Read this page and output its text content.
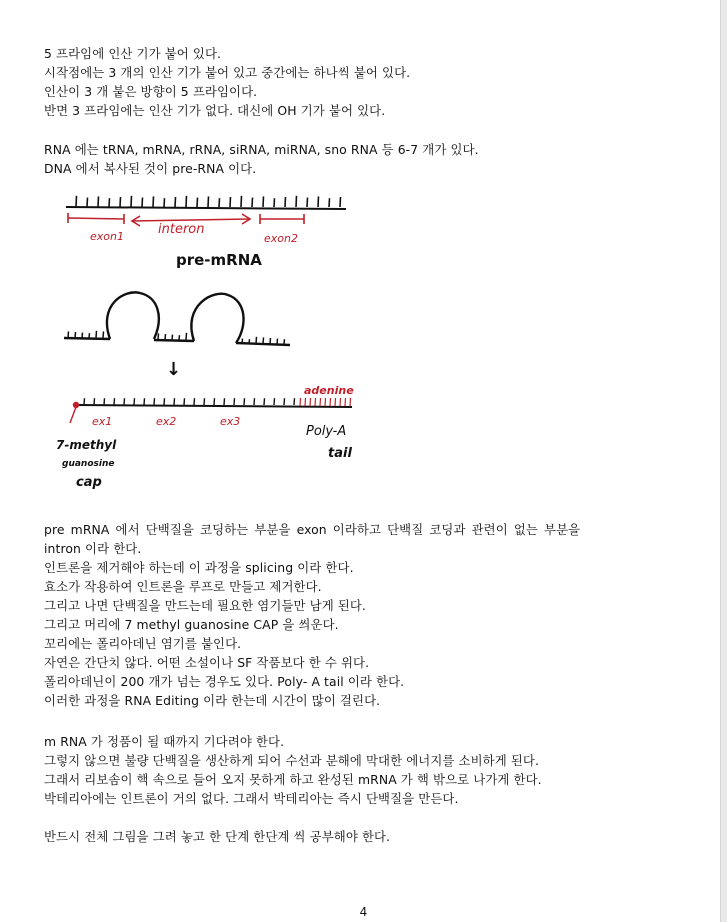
5 프라임에 인산 기가 붙어 있다.
시작점에는 3 개의 인산 기가 붙어 있고 중간에는 하나씩 붙어 있다.
인산이 3 개 붙은 방향이 5 프라임이다.
반면 3 프라임에는 인산 기가 없다. 대신에 OH 기가 붙어 있다.
RNA 에는 tRNA, mRNA, rRNA, siRNA, miRNA, sno RNA 등 6-7 개가 있다.
DNA 에서 복사된 것이 pre-RNA 이다.
exon1	interon
exon2
pre-mRNA
↓
adenine
ex1	ex2	ex3
7-methyl
guanosine
cap
Poly-A
tail
pre mRNA 에서 단백질을 코딩하는 부분을 exon 이라하고 단백질 코딩과 관련이 없는 부분을
intron 이라 한다.
인트론을 제거해야 하는데 이 과정을 splicing 이라 한다.
효소가 작용하여 인트론을 루프로 만들고 제거한다.
그리고 나면 단백질을 만드는데 필요한 염기들만 남게 된다.
그리고 머리에 7 methyl guanosine CAP 을 씌운다.
꼬리에는 폴리아데닌 염기를 붙인다.
자연은 간단치 않다. 어떤 소설이나 SF 작품보다 한 수 위다.
폴리아데닌이 200 개가 넘는 경우도 있다. Poly- A tail 이라 한다.
이러한 과정을 RNA Editing 이라 한는데 시간이 많이 걸린다.
m RNA 가 정품이 될 때까지 기다려야 한다.
그렇지 않으면 불량 단백질을 생산하게 되어 수선과 분해에 막대한 에너지를 소비하게 된다.
그래서 리보솜이 핵 속으로 들어 오지 못하게 하고 완성된 mRNA 가 핵 밖으로 나가게 한다.
박테리아에는 인트론이 거의 없다. 그래서 박테리아는 즉시 단백질을 만든다.
반드시 전체 그림을 그려 놓고 한 단계 한단계 씩 공부해야 한다.
4
